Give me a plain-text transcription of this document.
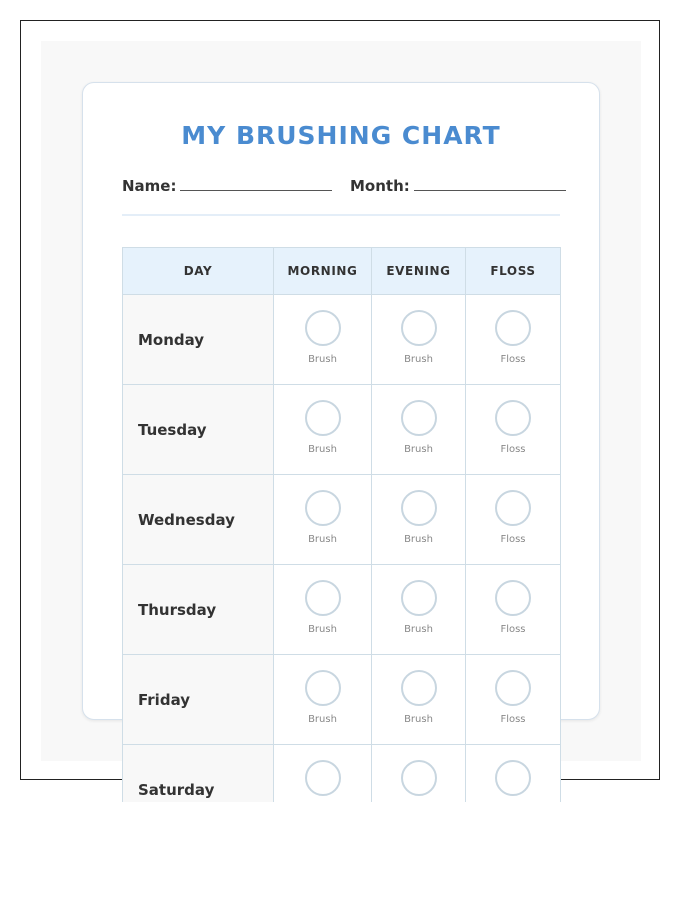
MY BRUSHING CHART
Name:	Month:
DAY	MORNING	EVENING	FLOSS
Monday	Brush	Brush	Floss

Tuesday	Brush	Brush	Floss

Wednesday	Brush	Brush	Floss

Thursday	Brush	Brush	Floss

Friday	Brush	Brush	Floss

Saturday	
